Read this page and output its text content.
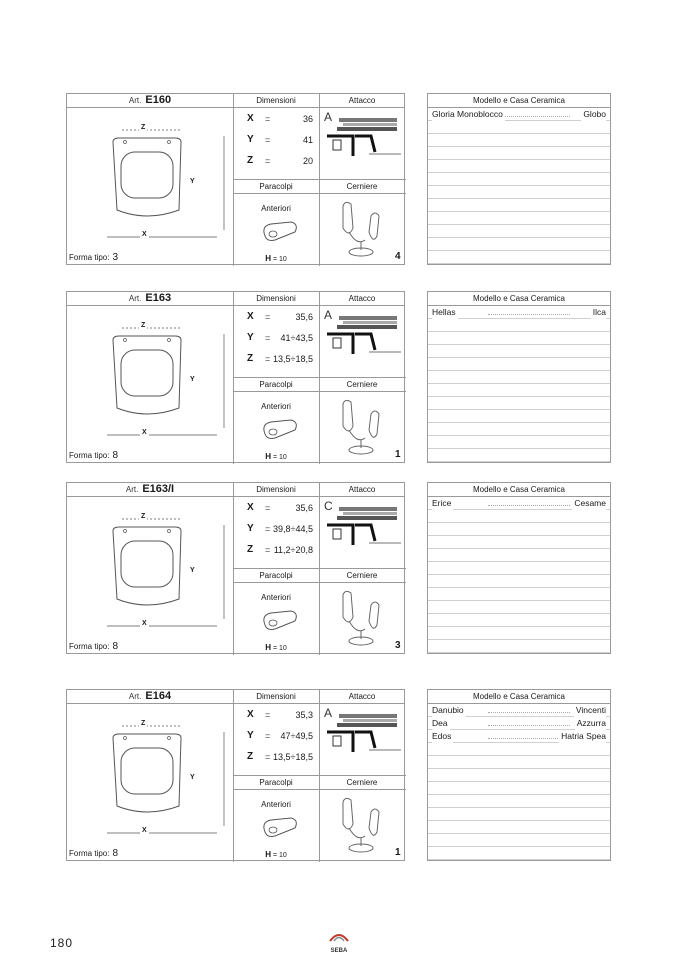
Art. E160	Dimensioni	Attacco
Paracolpi	Cerniere
Z
X
Y
Forma tipo: 3
X =	36
Y =	41
Z =	20
A
Anteriori
H = 10	4
Modello e Casa Ceramica
Gloria Monoblocco	Globo
Art. E163	Dimensioni	Attacco
Paracolpi	Cerniere
Z
X
Y
Forma tipo: 8
X =	35,6
Y = 41÷43,5
Z = 13,5÷18,5
A
Anteriori
H = 10	1
Modello e Casa Ceramica
Hellas	Ilca
Art. E163/I	Dimensioni	Attacco
Paracolpi	Cerniere
Z
X
Y
Forma tipo: 8
X =	35,6
Y = 39,8÷44,5
Z = 11,2÷20,8
C
Anteriori
H = 10	3
Modello e Casa Ceramica
Erice	Cesame
Art. E164	Dimensioni	Attacco
Paracolpi	Cerniere
Z
X
Y
Forma tipo: 8
X =	35,3
Y = 47÷49,5
Z = 13,5÷18,5
A
Anteriori
H = 10	1
Modello e Casa Ceramica
Danubio	Vincenti
Dea	Azzurra
Edos	Hatria Spea
180
SEBA
